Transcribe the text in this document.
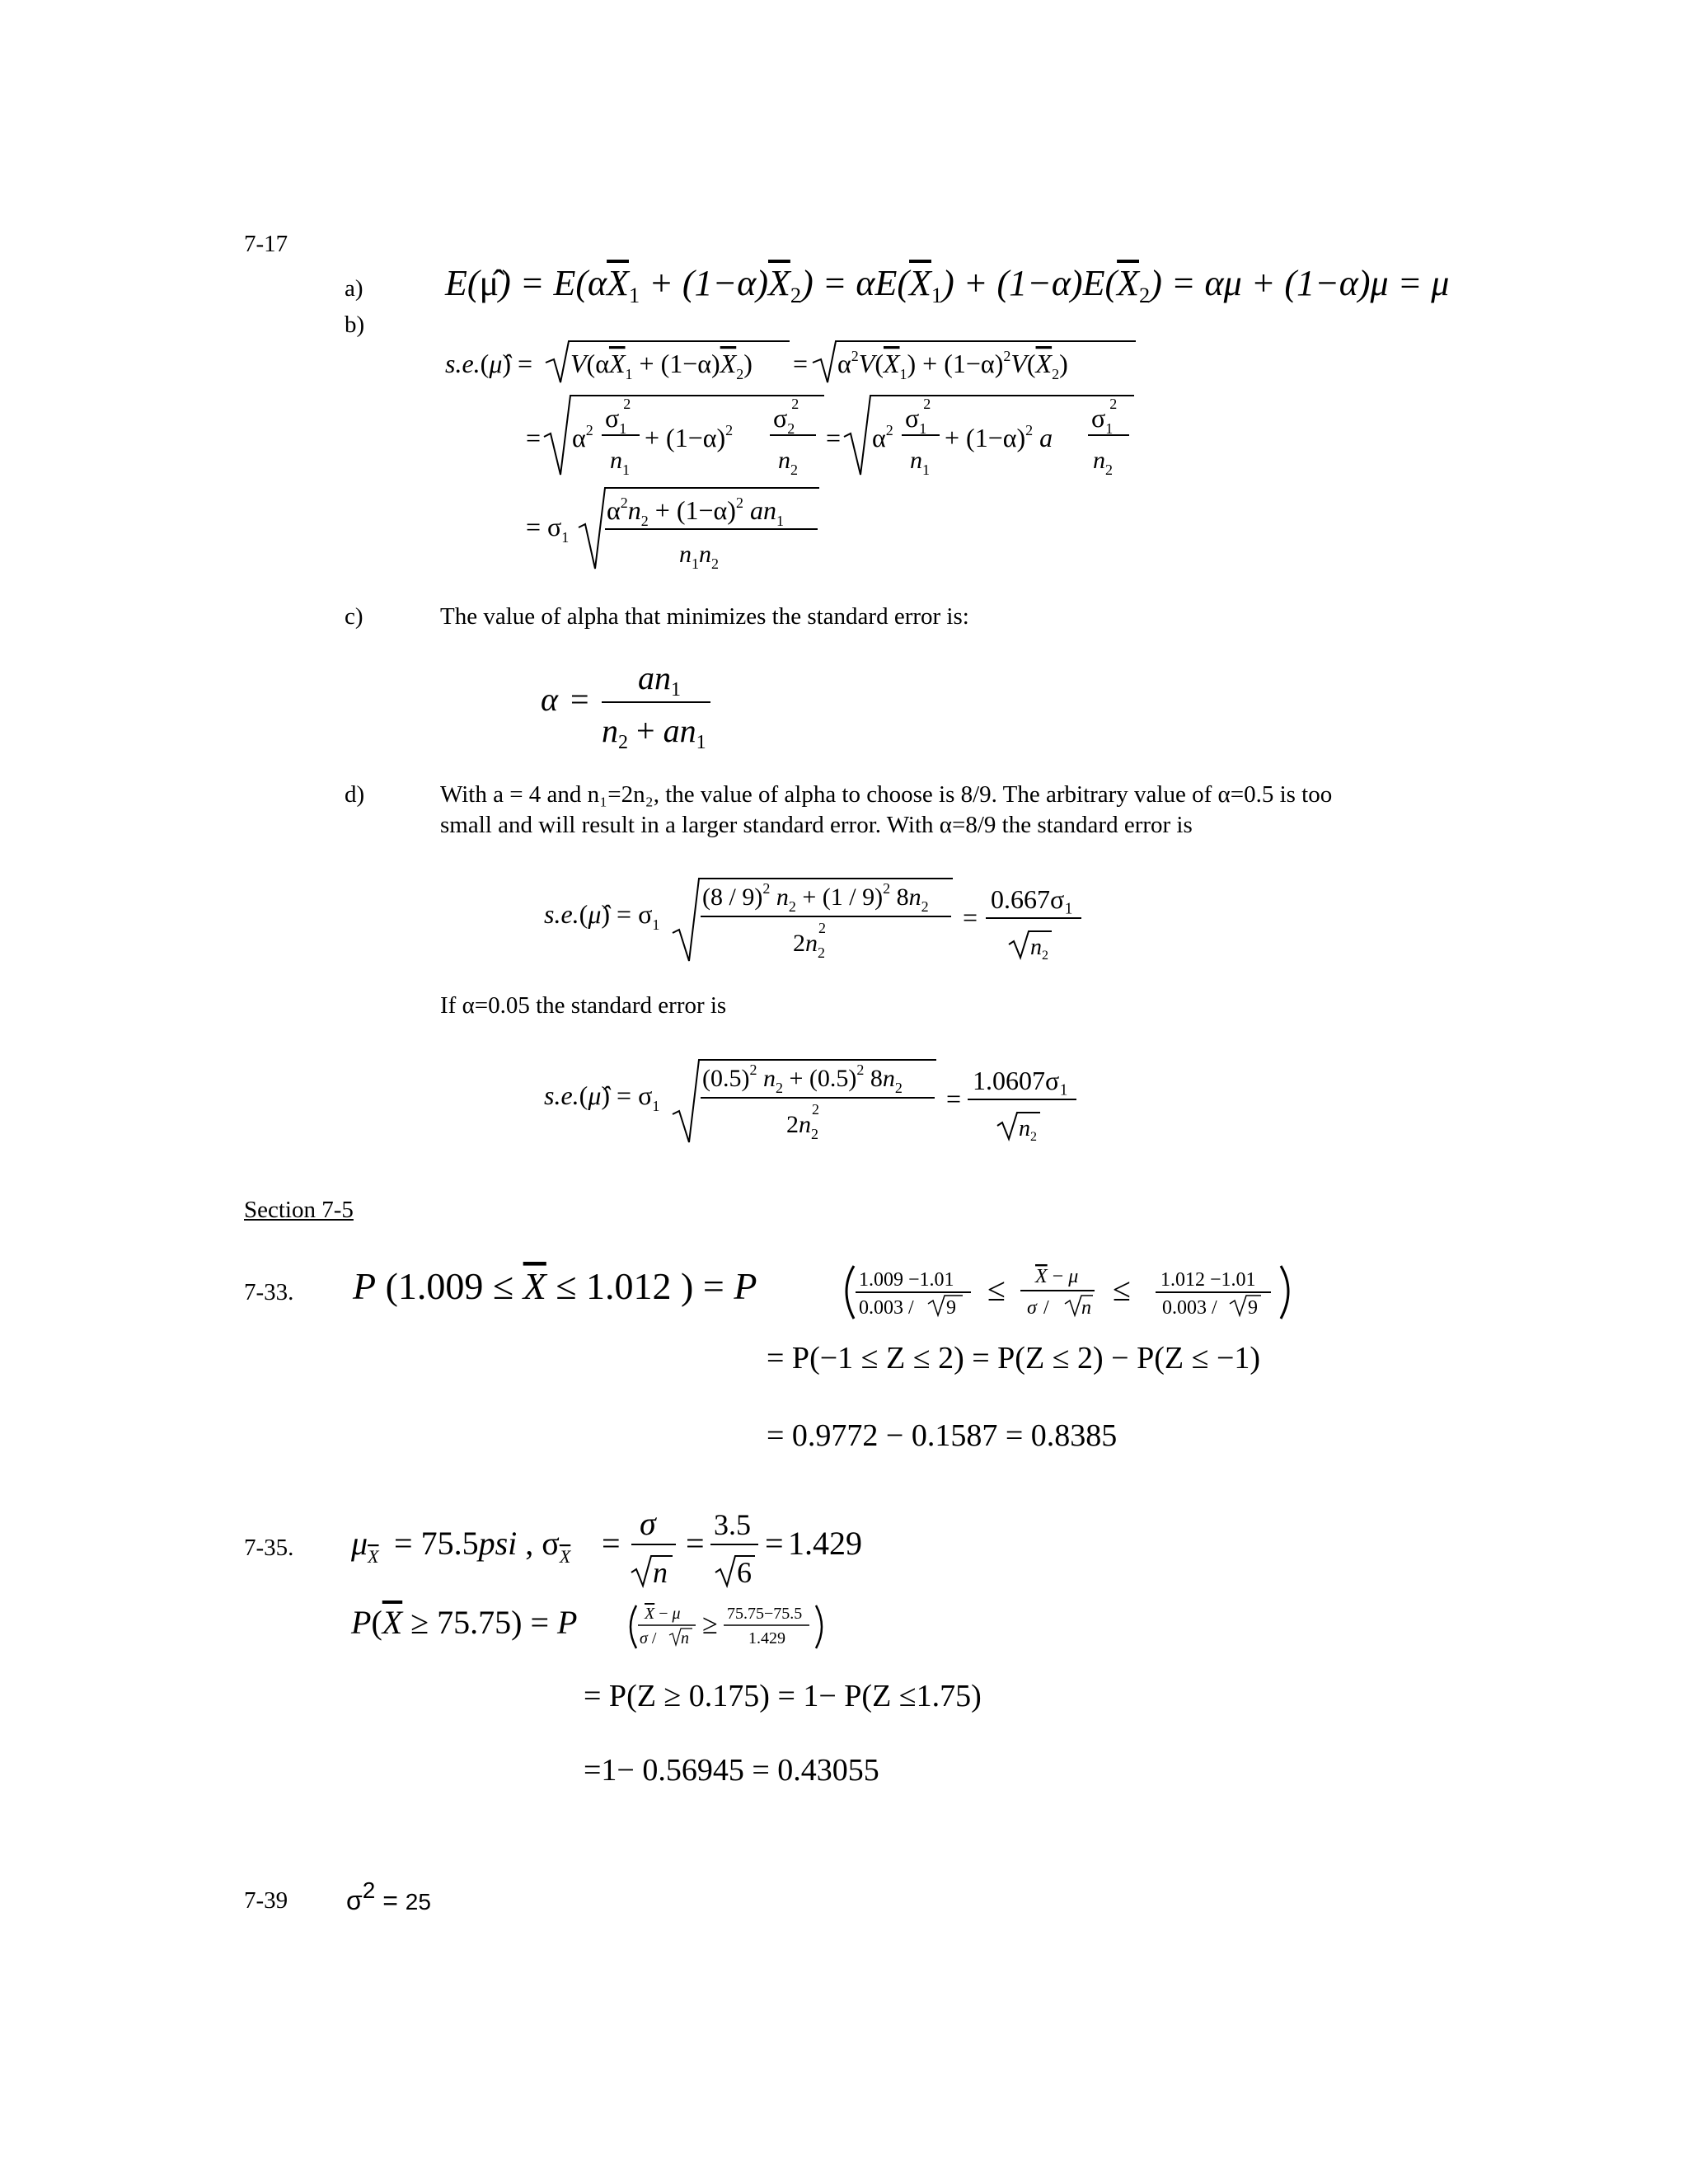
7-17
a) E(μ̂) = $E(\alpha\overline{X}_1 + (1-\alpha)\overline{X}_2) = \alpha E(\overline{X}_1) + (1-\alpha)E(\overline{X}_2) = \alpha\mu + (1-\alpha)\mu = \mu$
b)
s.e.(μ̂) = $V(\alpha X_1 + (1-\alpha)X_2) = \alpha^2V(X_1) + (1-\alpha)^2V(X_2)$
= $\alpha^2$ $\sigma_12$
$n_1$
+ $(1-\alpha)^2$ $\sigma_22$
$n_2$
= $\alpha^2$ $\sigma_12$
$n_1$
+ $(1-\alpha)^2$ a
$\sigma_12$
$n_2$
= $\sigma_1$
$\alpha^2n_2 + (1-\alpha)^2$ $an_1$
$n_1n_2$
c)	The value of alpha that minimizes the standard error is:
α =
$an_1$
$n_2 + an_1$
d)	With a = 4 and n₁=2n₂, the value of alpha to choose is 8/9. The arbitrary value of α=0.5 is too
small and will result in a larger standard error. With α=8/9 the standard error is
s.e.(μ̂) = $\sigma_1$
(8 / 9)$^2$ $n_2 + (1 / 9)^2$ $8n_2$
$2n_22$	=
0.667σ₁
$n_2$
If α=0.05 the standard error is
s.e.(μ̂) = $\sigma_1$
$(0.5)^2$ $n_2 + (0.5)^2$ $8n_2$
$2n_22$	=
1.0607σ₁
$n_2$
Section 7-5
7-33. P (1.009 ≤ X ≤ 1.012 ) = P	1.009 −1.01
0.003 / 9 ≤ X − μ
σ / n ≤ 1.012 −1.01
0.003 / 9
= P(−1 ≤ Z ≤ 2) = P(Z ≤ 2) − P(Z ≤ −1)
= 0.9772 − 0.1587 = 0.8385
7-35. $\mu_X = 75.5psi$ , $\sigma_X$ =
σ
n
= 3.5
6
= 1.429
P(X ≥ 75.75) = P	X − μ
σ / n ≥ 75.75−75.5
1.429
= P(Z ≥ 0.175) = 1− P(Z ≤1.75)
=1− 0.56945 = 0.43055
7-39 σ2 = 25
